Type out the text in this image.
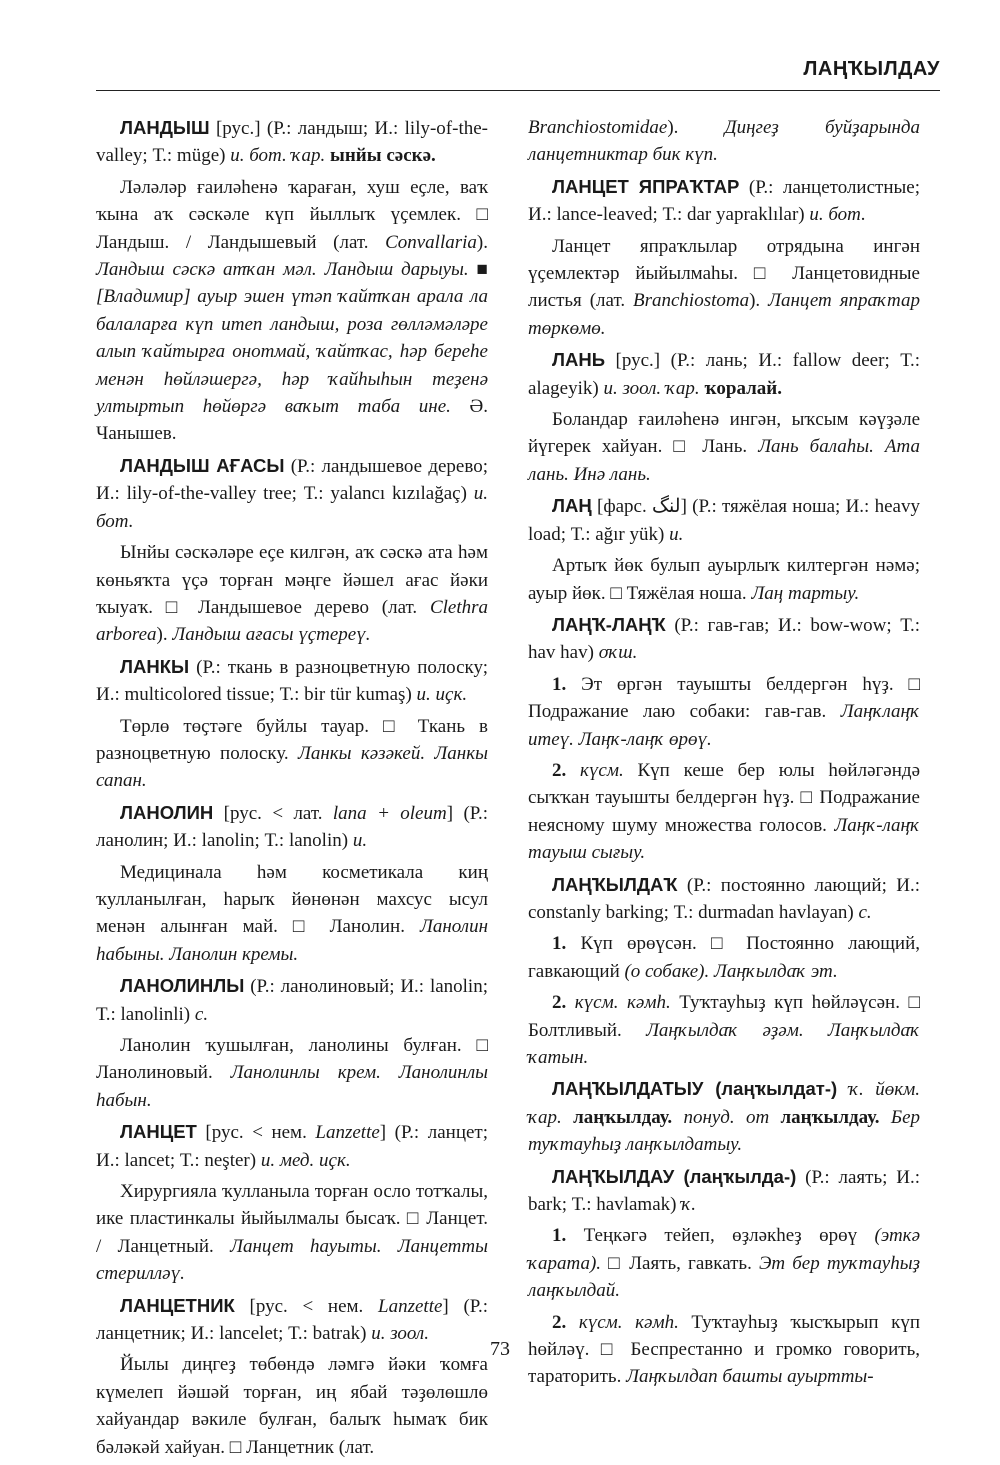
ЛАҢҠЫЛДАУ

ЛАНДЫШ [рус.] (Р.: ландыш; И.: lily-of-the-valley; Т.: müge) и. бот. ҡар. ынйы сәскә.

Ләләләр ғаиләһенә ҡараған, хуш еҫле, ваҡ ҡына аҡ сәскәле күп йыллыҡ үҫемлек. □ Ландыш. / Ландышевый (лат. Convallaria). Ландыш сәскә атҡан мәл. Ландыш дарыуы. ■ [Владимир] ауыр эшен үтәп ҡайтҡан арала ла балаларға күп итеп ландыш, роза гөлләмәләре алып ҡайтырға онотмай, ҡайтҡас, һәр береһе менән һөйләшергә, һәр ҡайһыһын теҙенә ултыртып һөйөргә ваҡыт таба ине. Ә. Чанышев.

ЛАНДЫШ АҒАСЫ (Р.: ландышевое дерево; И.: lily-of-the-valley tree; Т.: yalancı kızılağaç) и. бот.

Ынйы сәскәләре еҫе килгән, аҡ сәскә ата һәм көньяҡта үҫә торған мәңге йәшел ағас йәки ҡыуаҡ. □ Ландышевое дерево (лат. Clethra arborea). Ландыш ағасы үҫтереү.

ЛАНКЫ (Р.: ткань в разноцветную полоску; И.: multicolored tissue; Т.: bir tür kumaş) и. иҫк.

Төрлө төҫтәге буйлы тауар. □ Ткань в разноцветную полоску. Ланкы кәзәкей. Ланкы сапан.

ЛАНОЛИН [рус. < лат. lana + oleum] (Р.: ланолин; И.: lanolin; Т.: lanolin) и.

Медицинала һәм косметикала киң ҡулланылған, һарыҡ йөнөнән махсус ысул менән алынған май. □ Ланолин. Ланолин һабыны. Ланолин кремы.

ЛАНОЛИНЛЫ (Р.: ланолиновый; И.: lanolin; Т.: lanolinli) с.

Ланолин ҡушылған, ланолины булған. □ Ланолиновый. Ланолинлы крем. Ланолинлы һабын.

ЛАНЦЕТ [рус. < нем. Lanzette] (Р.: ланцет; И.: lancet; Т.: neşter) и. мед. иҫк.

Хирургияла ҡулланыла торған осло тотҡалы, ике пластинкалы йыйылмалы бысаҡ. □ Ланцет. / Ланцетный. Ланцет һауыты. Ланцетты стериллəү.

ЛАНЦЕТНИК [рус. < нем. Lanzette] (Р.: ланцетник; И.: lancelet; Т.: batrak) и. зоол.

Йылы диңгеҙ төбөндә ләмгә йәки ҡомға күмелеп йәшәй торған, иң ябай тәҙөлөшлө хайуандар вәкиле булған, балыҡ һымаҡ бик бәләкәй хайуан. □ Ланцетник (лат.

Branchiostomidae). Диңгеҙ буйҙарында ланцетниктар бик күп.

ЛАНЦЕТ ЯПРАҠТАР (Р.: ланцетолистные; И.: lance-leaved; Т.: dar yapraklılar) и. бот.

Ланцет япраҡлылар отрядына ингән үҫемлектәр йыйылмаһы. □ Ланцетовидные листья (лат. Branchiostoma). Ланцет япраҡтар төркөмө.

ЛАНЬ [рус.] (Р.: лань; И.: fallow deer; Т.: alageyik) и. зоол. ҡар. ҡоралай.

Боландар ғаиләһенә ингән, ыҡсым кәүҙәле йүгерек хайуан. □ Лань. Лань балаһы. Ата лань. Инә лань.

ЛАҢ [фарс. لنگ] (Р.: тяжёлая ноша; И.: heavy load; Т.: ağır yük) и.

Артыҡ йөк булып ауырлыҡ килтергән нәмә; ауыр йөк. □ Тяжёлая ноша. Лаң тартыу.

ЛАҢҠ-ЛАҢҠ (Р.: гав-гав; И.: bow-wow; Т.: hav hav) оҡш.

1. Эт өргән тауышты белдергән һүҙ. □ Подражание лаю собаки: гав-гав. Лаңҡлаңҡ итеү. Лаңҡ-лаңҡ өрөү.

2. күсм. Күп кеше бер юлы һөйләгәндә сыҡҡан тауышты белдергән һүҙ. □ Подражание неясному шуму множества голосов. Лаңҡ-лаңҡ тауыш сығыу.

ЛАҢҠЫЛДАҠ (Р.: постоянно лающий; И.: constanly barking; Т.: durmadan havlayan) с.

1. Күп өрөүсән. □ Постоянно лающий, гавкающий (о собаке). Лаңҡылдаҡ эт.

2. күсм. кәмһ. Туҡтауһыҙ күп һөйләүсән. □ Болтливый. Лаңҡылдаҡ әҙәм. Лаңҡылдаҡ ҡатын.

ЛАҢҠЫЛДАТЫУ (лаңҡылдат-) ҡ. йөкм. ҡар. лаңҡылдау. понуд. от лаңҡылдау. Бер туҡтауһыҙ лаңҡылдатыу.

ЛАҢҠЫЛДАУ (лаңҡылда-) (Р.: лаять; И.: bark; Т.: havlamak) ҡ.

1. Теңкәгә тейеп, өҙләкһеҙ өрөү (эткә ҡарата). □ Лаять, гавкать. Эт бер туҡтауһыҙ лаңҡылдай.

2. күсм. кәмһ. Туҡтауһыҙ ҡысҡырып күп һөйләү. □ Беспрестанно и громко говорить, тараторить. Лаңҡылдап башты ауыртты-

73
